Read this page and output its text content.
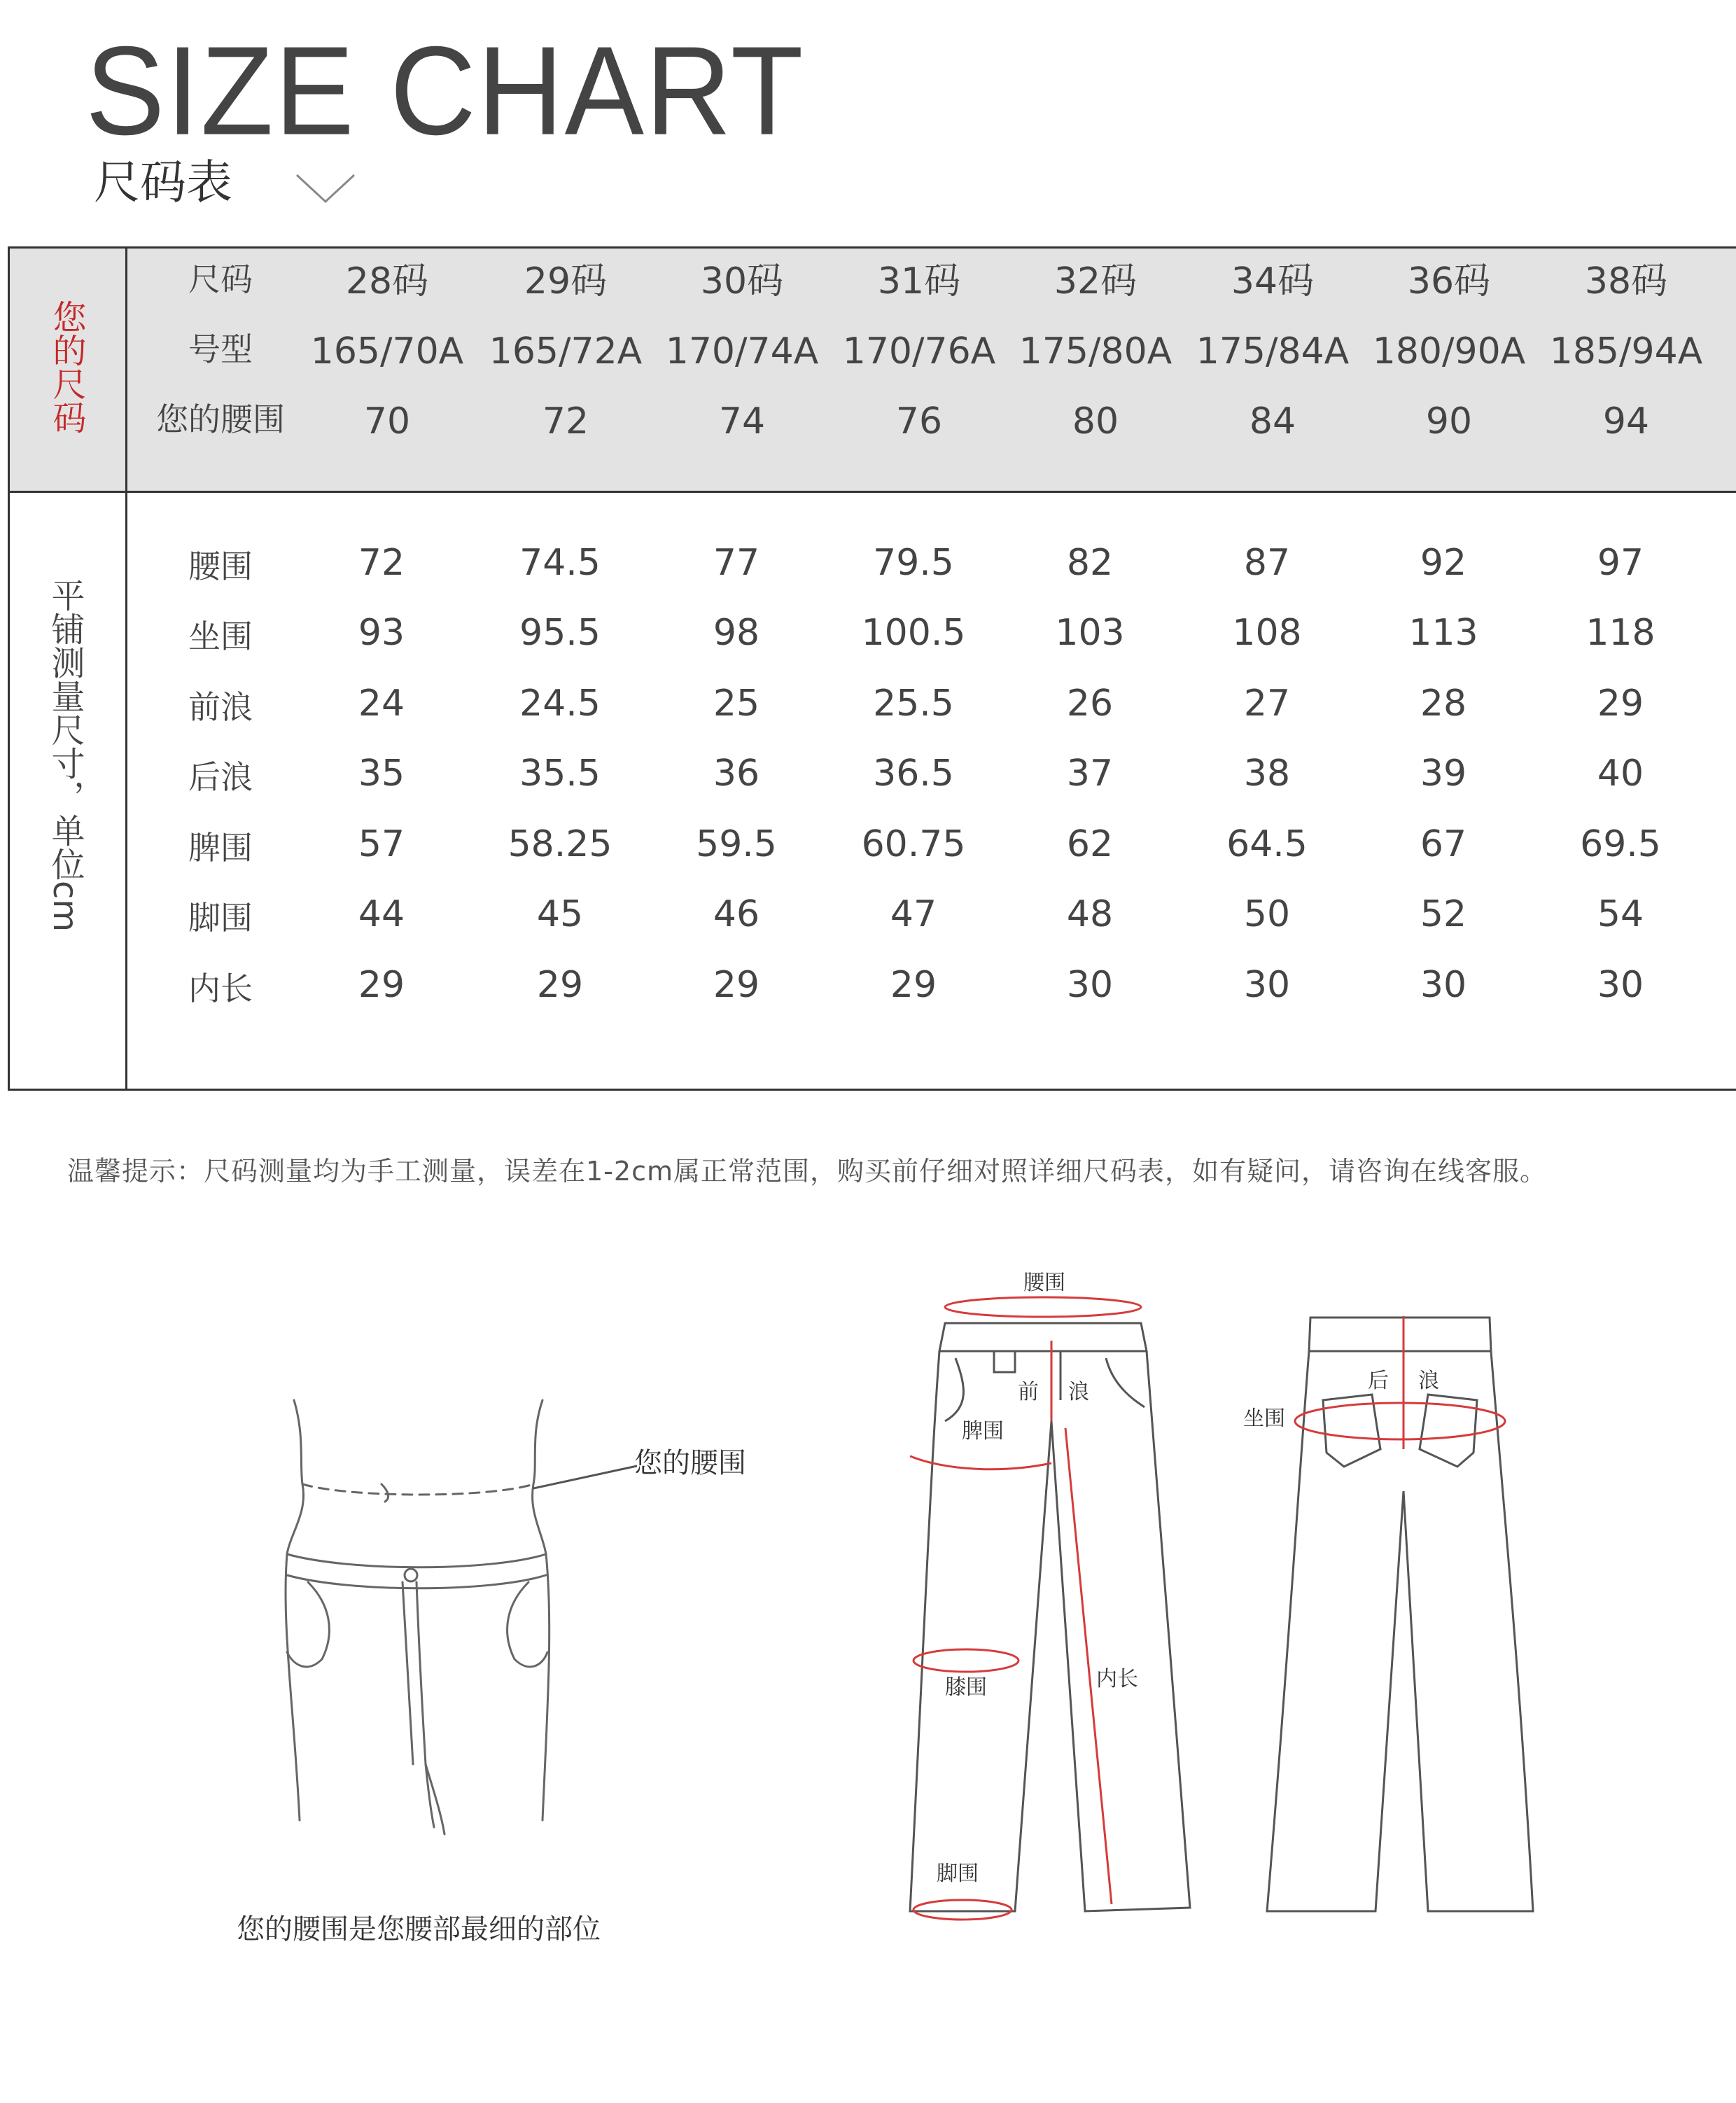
SIZE CHART
尺码表
您的尺码
平铺测量尺寸，单位cm
尺码	28码	29码	30码	31码	32码	34码	36码	38码
号型	165/70A 165/72A 170/74A 170/76A 175/80A 175/84A 180/90A 185/94A
您的腰围	70	72	74	76	80	84	90	94
腰围	72	74.5	77	79.5	82	87	92	97
坐围	93	95.5	98	100.5	103	108	113	118
前浪	24	24.5	25	25.5	26	27	28	29
后浪	35	35.5	36	36.5	37	38	39	40
脾围	57	58.25	59.5	60.75	62	64.5	67	69.5
脚围	44	45	46	47	48	50	52	54
内长	29	29	29	29	30	30	30	30
温馨提示：尺码测量均为手工测量，误差在1-2cm属正常范围，购买前仔细对照详细尺码表，如有疑问，请咨询在线客服。
您的腰围
您的腰围是您腰部最细的部位
腰围
前 浪
脾围
膝围	内长
脚围
后 浪
坐围
